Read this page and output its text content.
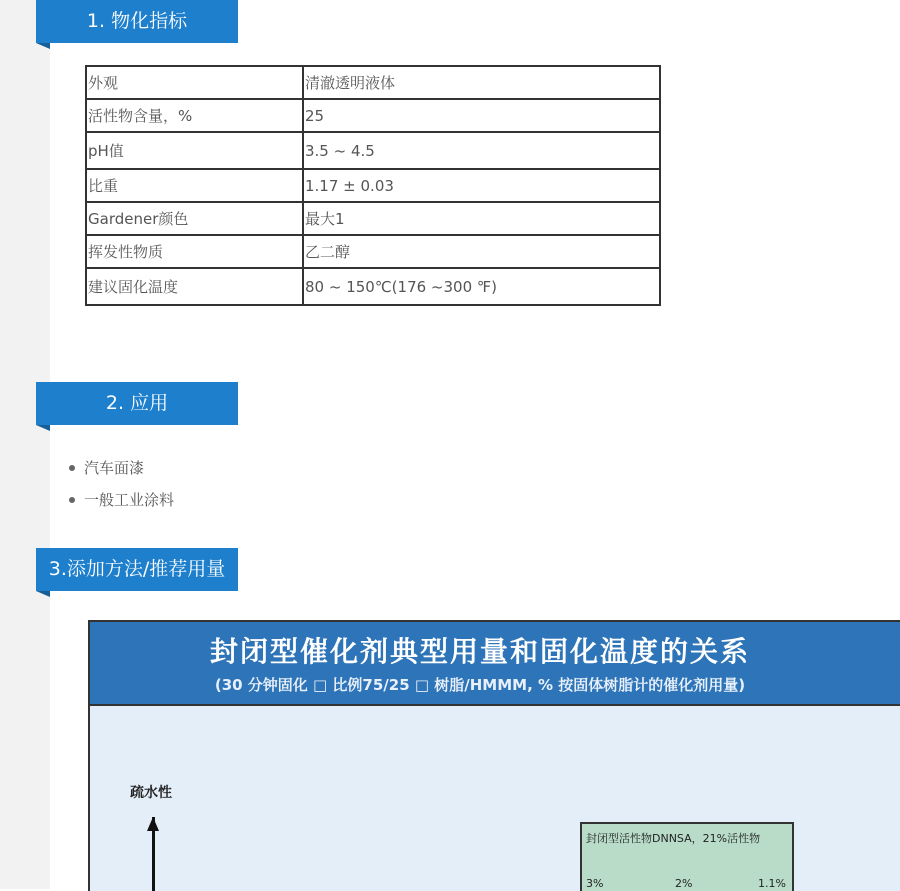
1. 物化指标
外观	清澈透明液体
活性物含量，%	25
pH值	3.5 ~ 4.5
比重	1.17 ± 0.03
Gardener颜色	最大1
挥发性物质	乙二醇
建议固化温度	80 ~ 150℃(176 ~300 ℉)
2. 应用
汽车面漆
一般工业涂料
3.添加方法/推荐用量
封闭型催化剂典型用量和固化温度的关系
(30 分钟固化 □ 比例75/25 □ 树脂/HMMM, % 按固体树脂计的催化剂用量)
疏水性
封闭型活性物DNNSA，21%活性物
3%	2%	1.1%
